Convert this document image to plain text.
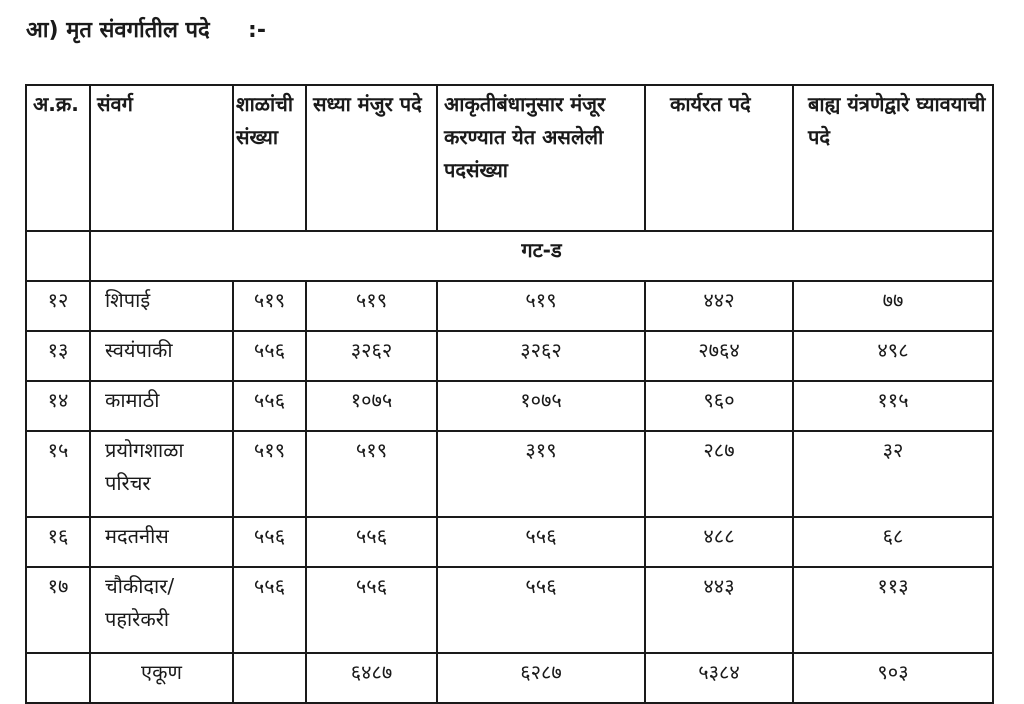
आ) मृत संवर्गातील पदे     :-
अ.क्र.	संवर्ग	शाळांची संख्या	सध्या मंजुर पदे	आकृतीबंधानुसार मंजूर करण्यात येत असलेली पदसंख्या	कार्यरत पदे	बाह्य यंत्रणेद्वारे घ्यावयाची पदे
	गट-ड					
१२	शिपाई	५१९	५१९	५१९	४४२	७७
१३	स्वयंपाकी	५५६	३२६२	३२६२	२७६४	४९८
१४	कामाठी	५५६	१०७५	१०७५	९६०	११५
१५	प्रयोगशाळा परिचर	५१९	५१९	३१९	२८७	३२
१६	मदतनीस	५५६	५५६	५५६	४८८	६८
१७	चौकीदार/ पहारेकरी	५५६	५५६	५५६	४४३	११३
	एकूण		६४८७	६२८७	५३८४	९०३
